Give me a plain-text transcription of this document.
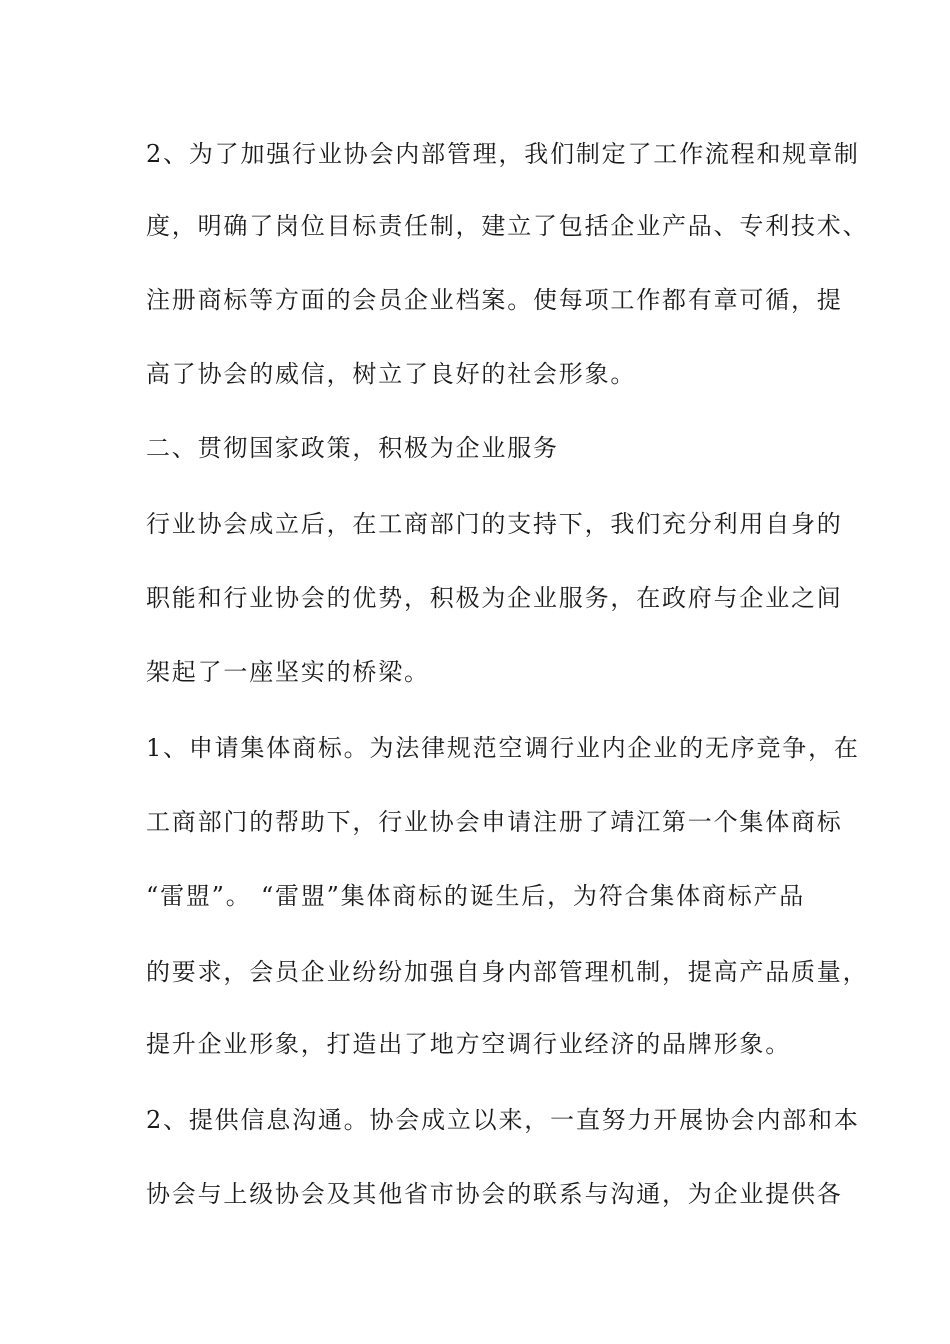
2、为了加强行业协会内部管理，我们制定了工作流程和规章制
度，明确了岗位目标责任制，建立了包括企业产品、专利技术、
注册商标等方面的会员企业档案。使每项工作都有章可循，提
高了协会的威信，树立了良好的社会形象。
二、贯彻国家政策，积极为企业服务
行业协会成立后，在工商部门的支持下，我们充分利用自身的
职能和行业协会的优势，积极为企业服务，在政府与企业之间
架起了一座坚实的桥梁。
1、申请集体商标。为法律规范空调行业内企业的无序竞争，在
工商部门的帮助下，行业协会申请注册了靖江第一个集体商标
“雷盟”。 “雷盟”集体商标的诞生后，为符合集体商标产品
的要求，会员企业纷纷加强自身内部管理机制，提高产品质量，
提升企业形象，打造出了地方空调行业经济的品牌形象。
2、提供信息沟通。协会成立以来，一直努力开展协会内部和本
协会与上级协会及其他省市协会的联系与沟通，为企业提供各
